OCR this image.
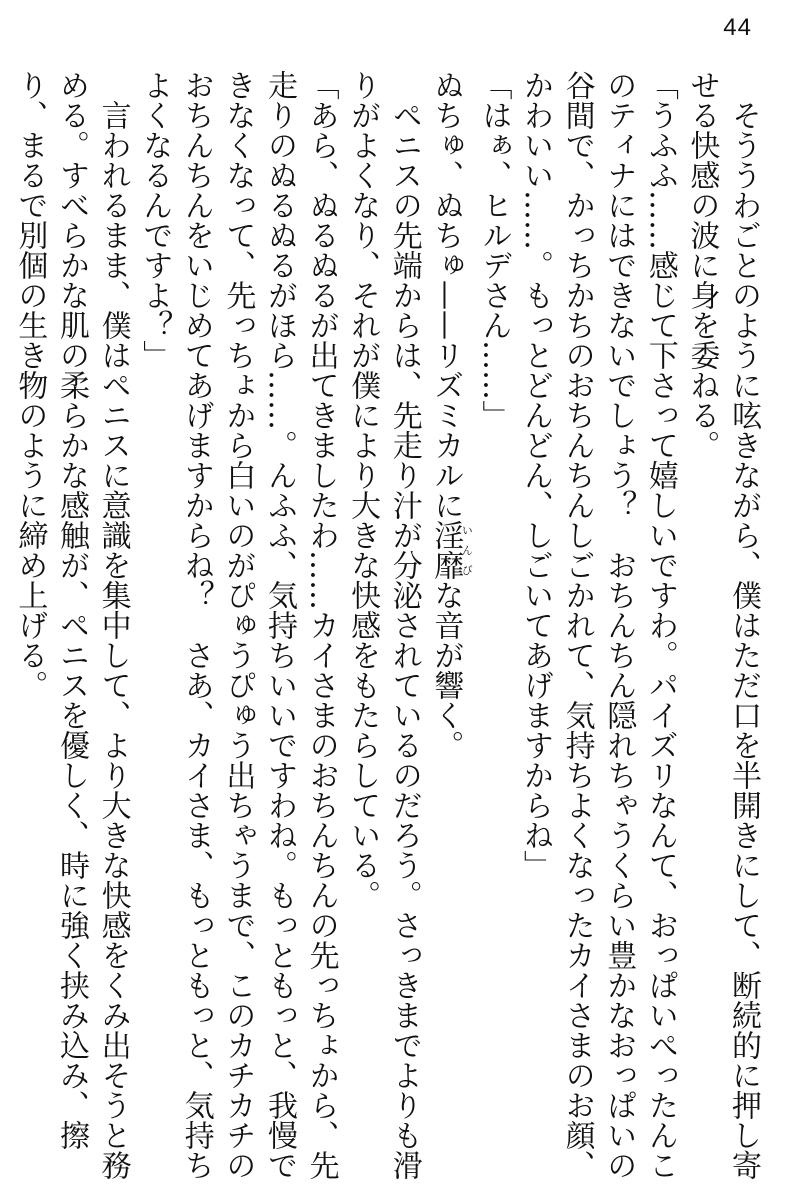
44

そううわごとのように呟きながら、僕はただ口を半開きにして、断続的に押し寄せる快感の波に身を委ねる。

「うふふ……感じて下さって嬉しいですわ。パイズリなんて、おっぱいぺったんこのティナにはできないでしょう？　おちんちん隠れちゃうくらい豊かなおっぱいの谷間で、かっちかちのおちんちんしごかれて、気持ちよくなったカイさまのお顔、かわいい……。もっとどんどん、しごいてあげますからね」

「はぁ、ヒルデさん……」

ぬちゅ、ぬちゅ——リズミカルに淫靡いんびな音が響く。

ペニスの先端からは、先走り汁が分泌されているのだろう。さっきまでよりも滑りがよくなり、それが僕により大きな快感をもたらしている。

「あら、ぬるぬるが出てきましたわ……カイさまのおちんちんの先っちょから、先走りのぬるぬるがほら……。んふふ、気持ちいいですわね。もっともっと、我慢できなくなって、先っちょから白いのがぴゅうぴゅう出ちゃうまで、このカチカチのおちんちんをいじめてあげますからね？　さあ、カイさま、もっともっと、気持ちよくなるんですよ？」

言われるまま、僕はペニスに意識を集中して、より大きな快感をくみ出そうと務める。すべらかな肌の柔らかな感触が、ペニスを優しく、時に強く挟み込み、擦り、まるで別個の生き物のように締め上げる。
